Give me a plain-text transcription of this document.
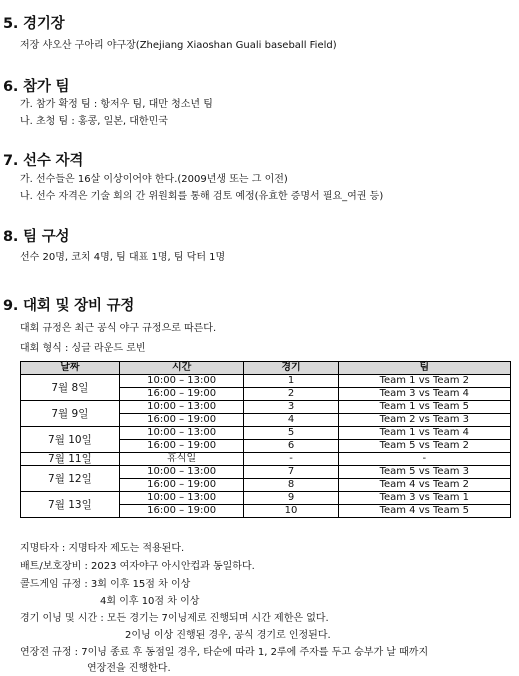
5. 경기장
저장 샤오산 구아리 야구장(Zhejiang Xiaoshan Guali baseball Field)
6. 참가 팀
가. 참가 확정 팀 : 항저우 팀, 대만 청소년 팀
나. 초청 팀 : 홍콩, 일본, 대한민국
7. 선수 자격
가. 선수들은 16살 이상이어야 한다.(2009년생 또는 그 이전)
나. 선수 자격은 기술 회의 간 위원회를 통해 검토 예정(유효한 증명서 필요_여권 등)
8. 팀 구성
선수 20명, 코치 4명, 팀 대표 1명, 팀 닥터 1명
9. 대회 및 장비 규정
대회 규정은 최근 공식 야구 규정으로 따른다.
대회 형식 : 싱글 라운드 로빈
날짜	시간	경기	팀
7월 8일	10:00 – 13:00	1	Team 1 vs Team 2
	16:00 – 19:00	2	Team 3 vs Team 4
7월 9일	10:00 – 13:00	3	Team 1 vs Team 5
	16:00 – 19:00	4	Team 2 vs Team 3
7월 10일	10:00 – 13:00	5	Team 1 vs Team 4
	16:00 – 19:00	6	Team 5 vs Team 2
7월 11일	휴식일	-	-
7월 12일	10:00 – 13:00	7	Team 5 vs Team 3
	16:00 – 19:00	8	Team 4 vs Team 2
7월 13일	10:00 – 13:00	9	Team 3 vs Team 1
	16:00 – 19:00	10	Team 4 vs Team 5
지명타자 : 지명타자 제도는 적용된다.
배트/보호장비 : 2023 여자야구 아시안컵과 동일하다.
콜드게임 규정 : 3회 이후 15점 차 이상
4회 이후 10점 차 이상
경기 이닝 및 시간 : 모든 경기는 7이닝제로 진행되며 시간 제한은 없다.
2이닝 이상 진행된 경우, 공식 경기로 인정된다.
연장전 규정 : 7이닝 종료 후 동점일 경우, 타순에 따라 1, 2루에 주자를 두고 승부가 날 때까지
연장전을 진행한다.
